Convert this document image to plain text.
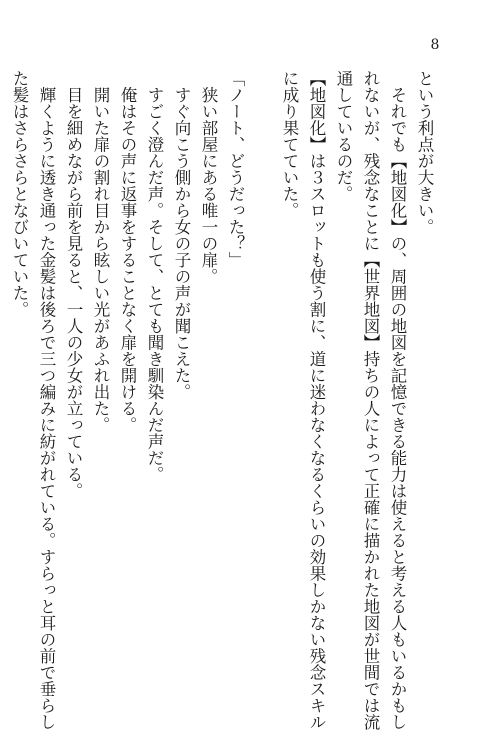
8
という利点が大きい。
　それでも【地図化】の、周囲の地図を記憶できる能力は使えると考える人もいるかもし
れないが、残念なことに【世界地図】持ちの人によって正確に描かれた地図が世間では流
通しているのだ。
【地図化】は３スロットも使う割に、道に迷わなくなるくらいの効果しかない残念スキル
に成り果てていた。
「ノート、どうだった？」
　狭い部屋にある唯一の扉。
　すぐ向こう側から女の子の声が聞こえた。
　すごく澄んだ声。そして、とても聞き馴染んだ声だ。
　俺はその声に返事をすることなく扉を開ける。
　開いた扉の割れ目から眩しい光があふれ出た。
　目を細めながら前を見ると、一人の少女が立っている。
　輝くように透き通った金髪は後ろで三つ編みに紡がれている。すらっと耳の前で垂らし
た髪はさらさらとなびいていた。
